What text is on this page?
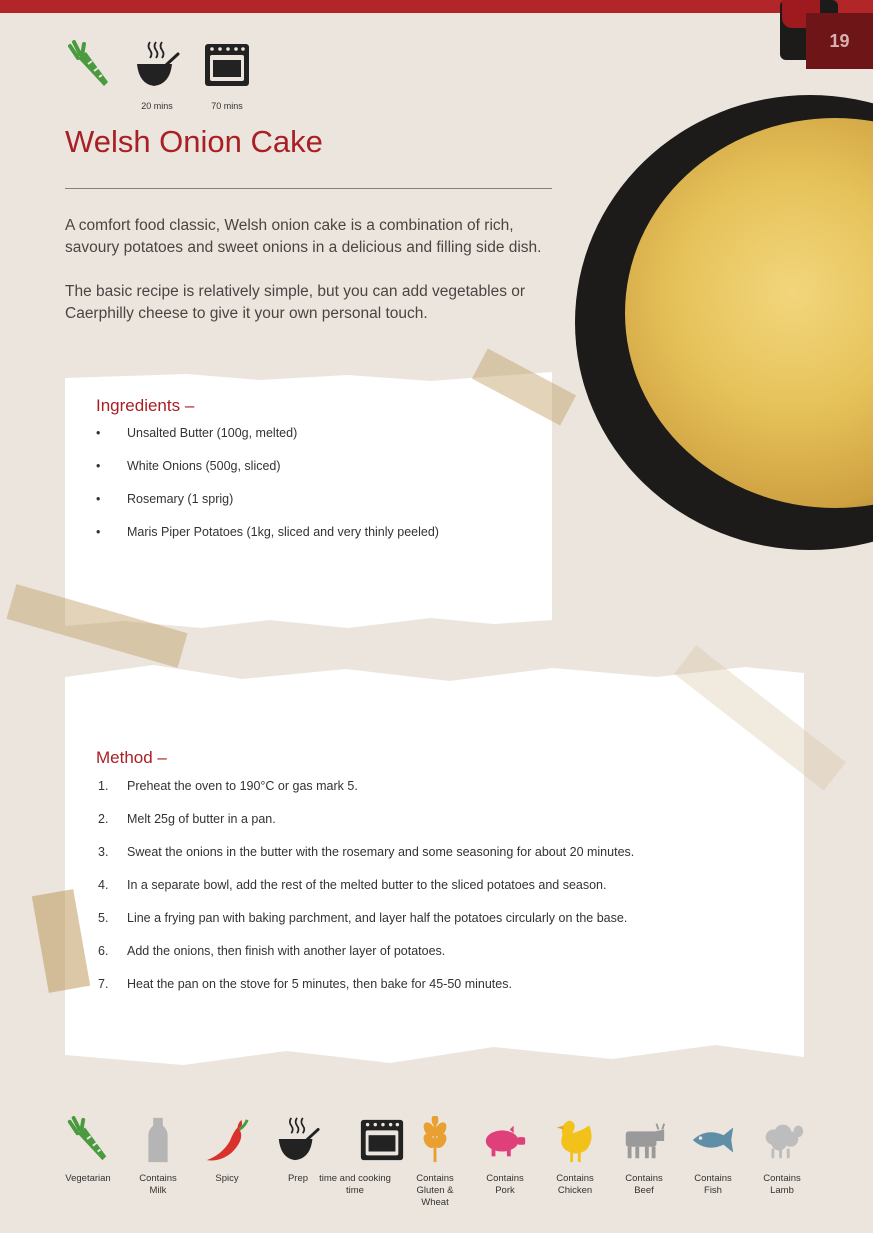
19
20 mins	70 mins
Welsh Onion Cake

A comfort food classic, Welsh onion cake is a combination of rich, savoury potatoes and sweet onions in a delicious and filling side dish.

The basic recipe is relatively simple, but you can add vegetables or Caerphilly cheese to give it your own personal touch.

Ingredients –
• Unsalted Butter (100g, melted)
• White Onions (500g, sliced)
• Rosemary (1 sprig)
• Maris Piper Potatoes (1kg, sliced and very thinly peeled)
Method –
1. Preheat the oven to 190°C or gas mark 5.
2. Melt 25g of butter in a pan.
3. Sweat the onions in the butter with the rosemary and some seasoning for about 20 minutes.
4. In a separate bowl, add the rest of the melted butter to the sliced potatoes and season.
5. Line a frying pan with baking parchment, and layer half the potatoes circularly on the base.
6. Add the onions, then finish with another layer of potatoes.
7. Heat the pan on the stove for 5 minutes, then bake for 45-50 minutes.
Vegetarian	Contains
Milk
Spicy	Prep	time and cooking
time
Contains
Gluten &
Wheat
Contains
Pork
Contains
Chicken
Contains
Beef
Contains
Fish
Contains
Lamb
